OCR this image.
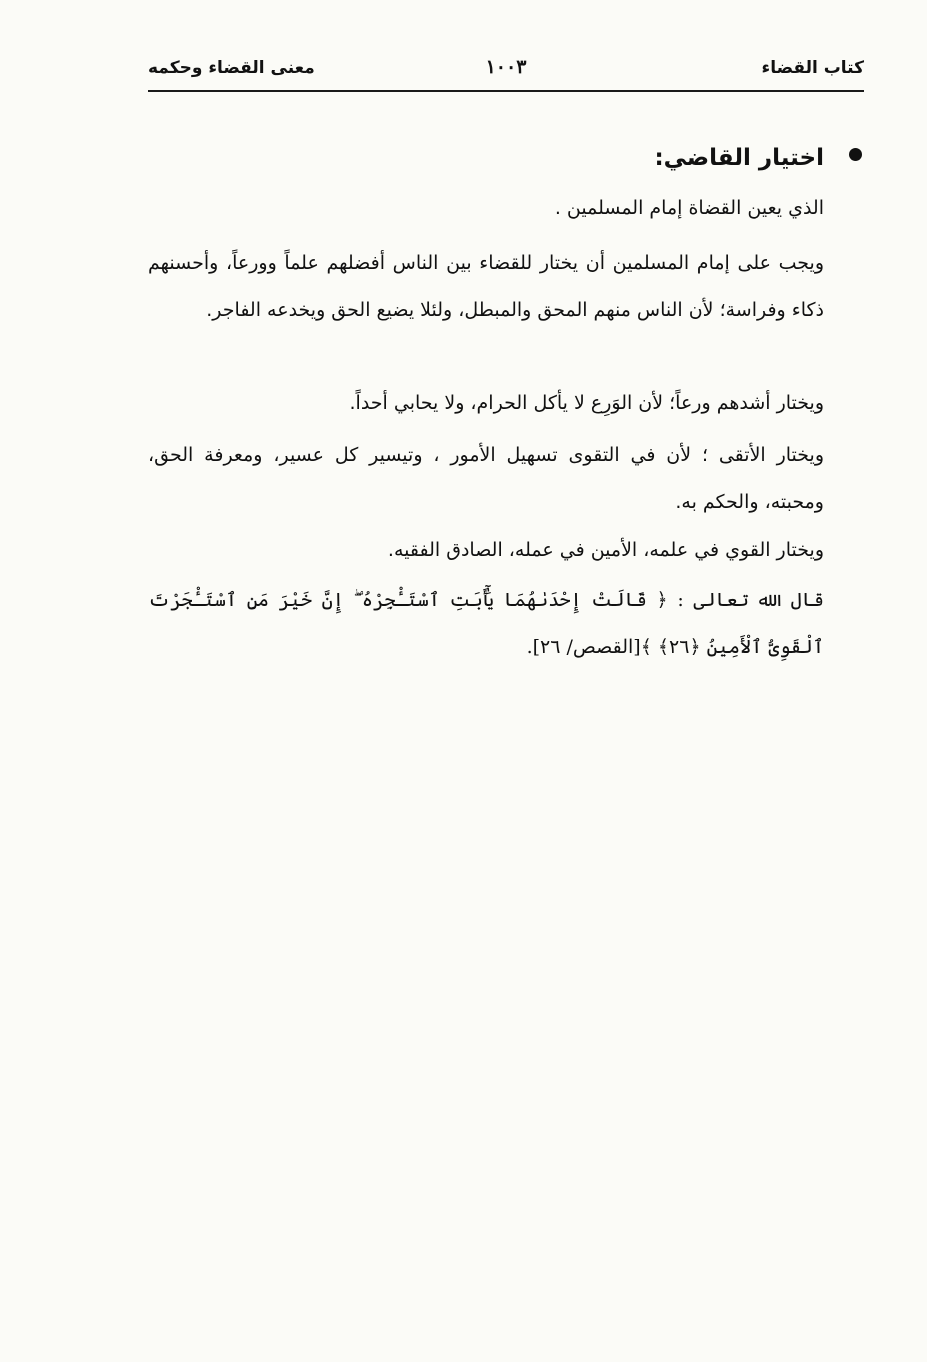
كتاب القضاء
١٠٠٣
معنى القضاء وحكمه
اختيار القاضي:

الذي يعين القضاة إمام المسلمين .

ويجب على إمام المسلمين أن يختار للقضاء بين الناس أفضلهم علماً وورعاً، وأحسنهم ذكاء وفراسة؛ لأن الناس منهم المحق والمبطل، ولئلا يضيع الحق ويخدعه الفاجر.

ويختار أشدهم ورعاً؛ لأن الوَرِع لا يأكل الحرام، ولا يحابي أحداً.

ويختار الأتقى ؛ لأن في التقوى تسهيل الأمور ، وتيسير كل عسير، ومعرفة الحق، ومحبته، والحكم به.

ويختار القوي في علمه، الأمين في عمله، الصادق الفقيه.

قال الله تعالى : ﴿ قَالَتْ إِحْدَىٰهُمَا يَٰٓأَبَتِ ٱسْتَـْٔجِرْهُ ۖ إِنَّ خَيْرَ مَنِ ٱسْتَـْٔجَرْتَ ٱلْقَوِىُّ ٱلْأَمِينُ ﴿٢٦﴾ ﴾[القصص/ ٢٦].
